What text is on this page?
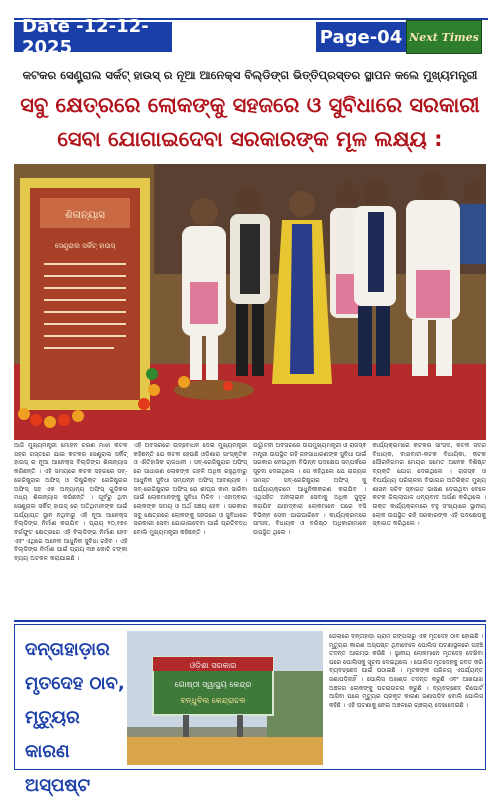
Date -12-12-2025	Page-04 Next Times
କଟକର ସେଣ୍ଟ୍ରାଲ ସର୍କଟ୍ ହାଉସ୍ ର ନୂଆ ଆନେକ୍ସ ବିଲ୍ଡିଙ୍ଗ ଭିତ୍ତିପ୍ରସ୍ତର ସ୍ଥାପନ କଲେ ମୁଖ୍ୟମନ୍ତ୍ରୀ
ସବୁ କ୍ଷେତ୍ରରେ ଲୋକଙ୍କୁ ସହଜରେ ଓ ସୁବିଧାରେ ସରକାରୀ ସେବା ଯୋଗାଇଦେବା ସରକାରଙ୍କ ମୂଳ ଲକ୍ଷ୍ୟ :
ଶିଳାନ୍ୟାସ
ସେଣ୍ଟ୍ରାଲ ସର୍କିଟ୍ ହାଉସ୍
ଆଜି ମୁଖ୍ୟମନ୍ତ୍ରୀ ମୋହନ ଚରଣ ମାଝୀ କଟକ ସହର ଗସ୍ତରେ ଯାଇ କଟକର ସେଣ୍ଟ୍ରାଲ ସର୍କିଟ୍ ହାଉସ୍ ର ନୂଆ ଆନେକ୍ସ ବିଲ୍ଡିଙ୍ଗ ଶିଳାନ୍ୟାସ କରିଛନ୍ତି । ଏହି ସମୟରେ କଟକ ସହରରେ ସବ୍-ରେଜିଷ୍ଟ୍ରାର ଅଫିସ୍ ଓ ଡିଷ୍ଟ୍ରିକ୍ଟ ରେଜିଷ୍ଟ୍ରାର ଅଫିସ୍ ସହ ଏକ ଅନ୍ୟାନ୍ୟ ଅଫିସ୍ ଗୁଡ଼ିକର ମଧ୍ୟ ଶିଳାନ୍ୟାସ କରିଛନ୍ତି । ପୂର୍ବରୁ ଥିବା ସେଣ୍ଟ୍ରାଲ ସର୍କିଟ୍ ହାଉସ୍ ରେ ଅତିଥିମାନଙ୍କ ପାଇଁ ପର୍ଯ୍ୟାପ୍ତ ସ୍ଥାନ ନଥିବାରୁ ଏହି ନୂଆ ଆନେକ୍ସ ବିଲ୍ଡିଙ୍ଗ ନିର୍ମାଣ କରାଯିବ । ପ୍ରାୟ ୨୦,୧୭୫ ବର୍ଗଫୁଟ କ୍ଷେତ୍ରରେ ଏହି ବିଲ୍ଡିଙ୍ଗ ନିର୍ମାଣ ହେବ ଏବଂ ଏଥିରେ ଅନେକ ଆଧୁନିକ ସୁବିଧା ରହିବ । ଏହି ବିଲ୍ଡିଙ୍ଗ ନିର୍ମାଣ ପାଇଁ ପ୍ରାୟ ୩୭ କୋଟି ଟଙ୍କା ବ୍ୟୟ ଅଟକଳ କରାଯାଇଛି ।
ଏହି ଅବସରରେ ଉଦ୍ବୋଧନ ଦେଇ ମୁଖ୍ୟମନ୍ତ୍ରୀ କହିଛନ୍ତି ଯେ କଟକ ହେଉଛି ଓଡ଼ିଶାର ସାଂସ୍କୃତିକ ଓ ଐତିହାସିକ ରାଜଧାନୀ । ସବ୍-ରେଜିଷ୍ଟ୍ରାର ଅଫିସ୍ ରେ ସାଧାରଣ ଲୋକଙ୍କ ଗହଳି ଅଧିକ ରହୁଥିବାରୁ ଆଧୁନିକ ସୁବିଧା ସମ୍ପନ୍ନ ଅଫିସ୍ ଆବଶ୍ୟକ । ସବ୍-ରେଜିଷ୍ଟ୍ରାର ଅଫିସ୍ ରେ ଶୀଘ୍ର କାମ ସାରିବା ପାଇଁ ଲୋକମାନଙ୍କୁ ସୁବିଧା ମିଳିବ । ଏହାଦ୍ଵାରା ଲୋକଙ୍କ ସମୟ ଓ ଅର୍ଥ ସଞ୍ଚୟ ହେବ । ସରକାର ସବୁ କ୍ଷେତ୍ରରେ ଲୋକଙ୍କୁ ସହଜରେ ଓ ସୁବିଧାରେ ସରକାରୀ ସେବା ଯୋଗାଇଦେବା ପାଇଁ ପ୍ରତିବଦ୍ଧ ବୋଲି ମୁଖ୍ୟମନ୍ତ୍ରୀ କହିଛନ୍ତି ।
ଉଦ୍ଘାଟନୀ ଅବସରରେ ଉପମୁଖ୍ୟମନ୍ତ୍ରୀ ଓ ରାଜସ୍ଵ ମନ୍ତ୍ରୀ ଉପସ୍ଥିତ ରହି ଜନସାଧାରଣଙ୍କ ସୁବିଧା ପାଇଁ ସରକାର ନେଉଥିବା ବିଭିନ୍ନ ପଦକ୍ଷେପ ସମ୍ପର୍କରେ ସୂଚନା ଦେଇଥିଲେ । ସେ କହିଥିଲେ ଯେ ରାଜ୍ୟର ସମସ୍ତ ସବ୍-ରେଜିଷ୍ଟ୍ରାର ଅଫିସ୍ କୁ ପର୍ଯ୍ୟାୟକ୍ରମେ ଆଧୁନିକୀକରଣ କରାଯିବ । ଏଥିସହିତ ଅନଲାଇନ ସେବାକୁ ଅଧିକ ସୁଦୃଢ଼ କରାଯିବ ଯାହାଦ୍ଵାରା ଲୋକମାନେ ଘରେ ବସି ବିଭିନ୍ନ ସେବା ପାଇପାରିବେ । କାର୍ଯ୍ୟକ୍ରମରେ ସାଂସଦ, ବିଧାୟକ ଓ ବରିଷ୍ଠ ଅଧିକାରୀମାନେ ଉପସ୍ଥିତ ଥିଲେ ।
କାର୍ଯ୍ୟକ୍ରମରେ କଟକର ସାଂସଦ, କଟକ ସଦର ବିଧାୟକ, ବାରବାଟୀ-କଟକ ବିଧାୟିକା, କଟକ ପୌରନିଗମର ମେୟର ସମେତ ଅନେକ ବିଶିଷ୍ଟ ବ୍ୟକ୍ତି ଯୋଗ ଦେଇଥିଲେ । ରାଜସ୍ଵ ଓ ବିପର୍ଯ୍ୟୟ ପରିଚାଳନା ବିଭାଗର ଅତିରିକ୍ତ ମୁଖ୍ୟ ଶାସନ ସଚିବ ସ୍ଵାଗତ ଭାଷଣ ଦେଇଥିବା ବେଳେ କଟକ ଜିଲ୍ଲାପାଳ ଧନ୍ୟବାଦ ଅର୍ପଣ କରିଥିଲେ । ଉକ୍ତ କାର୍ଯ୍ୟକ୍ରମରେ ବହୁ ସଂଖ୍ୟାରେ ସ୍ଥାନୀୟ ଲୋକ ଉପସ୍ଥିତ ରହି ସରକାରଙ୍କ ଏହି ପଦକ୍ଷେପକୁ ସ୍ଵାଗତ କରିଥିଲେ ।
ଦନ୍ତାହାଡ଼ାର ମୃତଦେହ ଠାବ, ମୃତ୍ୟୁର କାରଣ ଅସ୍ପଷ୍ଟ
ଓଡ଼ିଶା ସରକାର
ଗୋଷ୍ଠୀ ସ୍ୱାସ୍ଥ୍ୟ କେନ୍ଦ୍ର
ବନ୍ଧୁବିଲ କେନ୍ଦ୍ରାଚଳ
ଜେଲାରେ ଦନ୍ତାହାଡ଼ା ଗ୍ରାମ ଜଙ୍ଗଲରୁ ଏକ ମୃତଦେହ ଠାବ ହୋଇଛି । ମୃତ୍ୟୁର କାରଣ ଅସ୍ପଷ୍ଟ ଥିବାବେଳେ ପୋଲିସ ଘଟଣାସ୍ଥଳରେ ପହଞ୍ଚି ତଦନ୍ତ ଆରମ୍ଭ କରିଛି । ସ୍ଥାନୀୟ ଲୋକମାନେ ମୃତଦେହ ଦେଖିବା ପରେ ପୋଲିସକୁ ସୂଚନା ଦେଇଥିଲେ । ପୋଲିସ ମୃତଦେହକୁ ଜବତ କରି ବ୍ୟବଚ୍ଛେଦ ପାଇଁ ପଠାଇଛି । ମୃତକଙ୍କ ପରିଚୟ ଏପର୍ଯ୍ୟନ୍ତ ଜଣାପଡ଼ିନାହିଁ । ପୋଲିସ ଅଖଣ୍ଡ ତଦନ୍ତ କରୁଛି ଏବଂ ଆଖପାଖ ଅଞ୍ଚଳର ଲୋକଙ୍କୁ ପଚରାଉଚରା କରୁଛି । ବ୍ୟବଚ୍ଛେଦ ରିପୋର୍ଟ ଆସିବା ପରେ ମୃତ୍ୟୁର ପ୍ରକୃତ କାରଣ ଜଣାପଡ଼ିବ ବୋଲି ପୋଲିସ କହିଛି । ଏହି ଘଟଣାକୁ ନେଇ ଅଞ୍ଚଳରେ ଚାଞ୍ଚଲ୍ୟ ଦେଖାଦେଇଛି ।
